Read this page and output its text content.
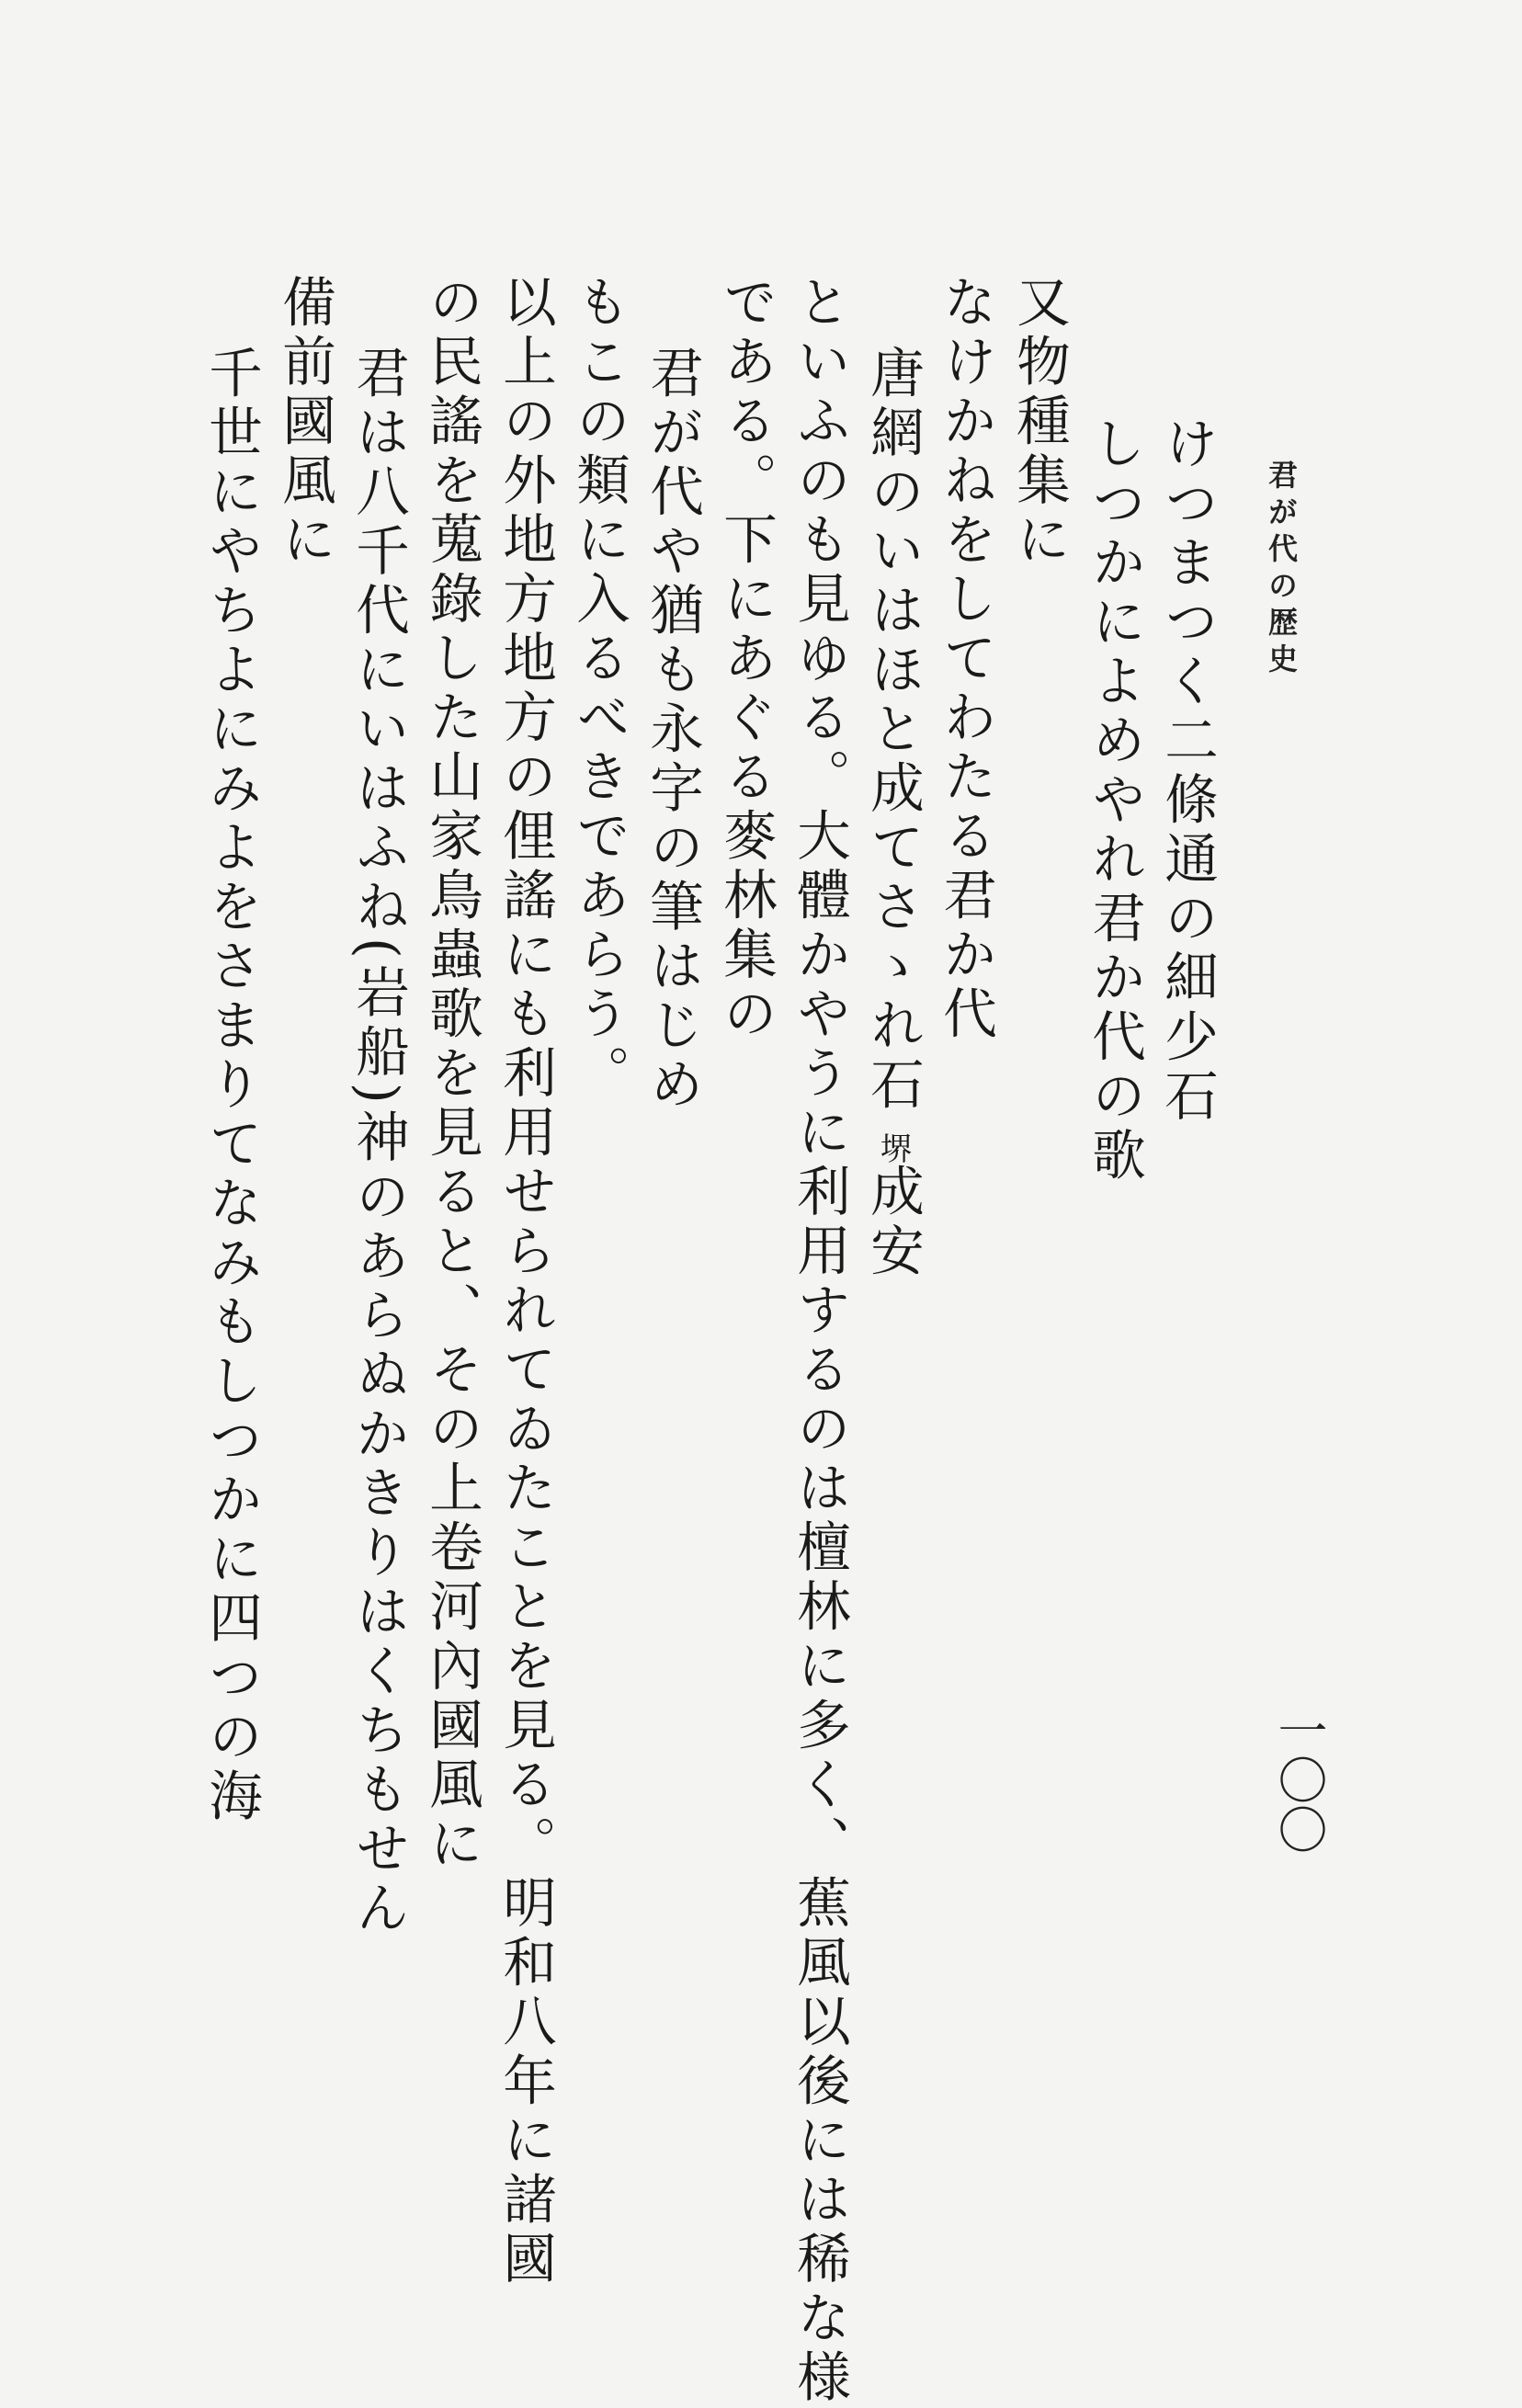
君が代の歴史
一〇〇
けつまつく二條通の細少石
しつかによめやれ君か代の歌
又物種集に
なけかねをしてわたる君か代
唐網のいはほと成てさゝれ石堺成安
といふのも見ゆる。大體かやうに利用するのは檀林に多く、蕉風以後には稀な様
である。下にあぐる麥林集の
君が代や猶も永字の筆はじめ
もこの類に入るべきであらう。
以上の外地方地方の俚謠にも利用せられてゐたことを見る。明和八年に諸國
の民謠を蒐錄した山家鳥蟲歌を見ると、その上卷河內國風に
君は八千代にいはふね(岩船)神のあらぬかきりはくちもせん
備前國風に
千世にやちよにみよをさまりてなみもしつかに四つの海
